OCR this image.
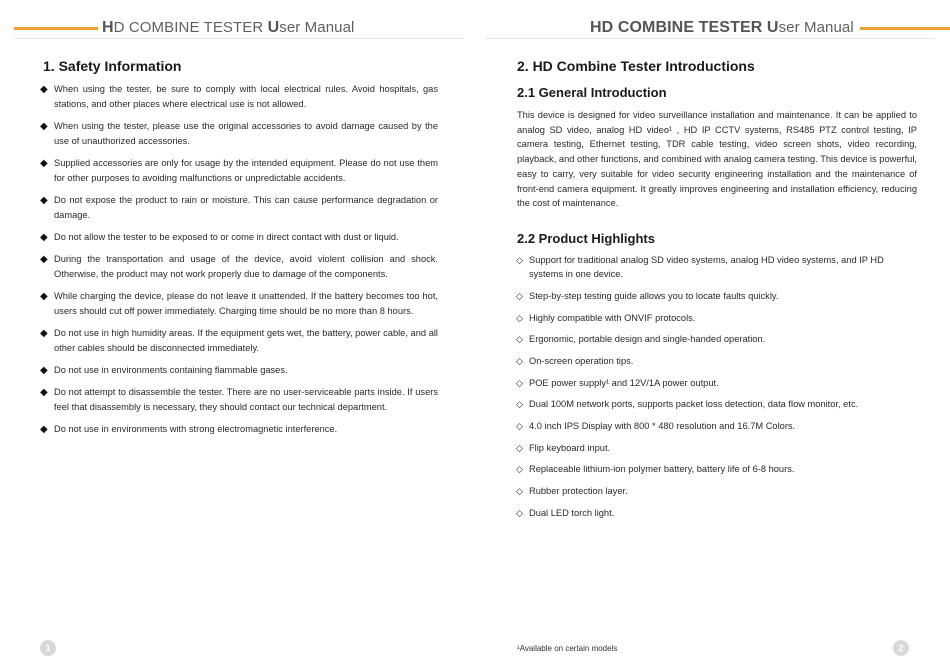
HD COMBINE TESTER User Manual
1. Safety Information
◆ When using the tester, be sure to comply with local electrical rules. Avoid hospitals, gas stations, and other places where electrical use is not allowed.
◆ When using the tester, please use the original accessories to avoid damage caused by the use of unauthorized accessories.
◆ Supplied accessories are only for usage by the intended equipment. Please do not use them for other purposes to avoiding malfunctions or unpredictable accidents.
◆ Do not expose the product to rain or moisture. This can cause performance degradation or damage.
◆ Do not allow the tester to be exposed to or come in direct contact with dust or liquid.
◆ During the transportation and usage of the device, avoid violent collision and shock. Otherwise, the product may not work properly due to damage of the components.
◆ While charging the device, please do not leave it unattended. If the battery becomes too hot, users should cut off power immediately. Charging time should be no more than 8 hours.
◆ Do not use in high humidity areas. If the equipment gets wet, the battery, power cable, and all other cables should be disconnected immediately.
◆ Do not use in environments containing flammable gases.
◆ Do not attempt to disassemble the tester. There are no user-serviceable parts inside. If users feel that disassembly is necessary, they should contact our technical department.
◆ Do not use in environments with strong electromagnetic interference.
1
HD COMBINE TESTER User Manual
2. HD Combine Tester Introductions
2.1 General Introduction

This device is designed for video surveillance installation and maintenance. It can be applied to analog SD video, analog HD video¹ , HD IP CCTV systems, RS485 PTZ control testing, IP camera testing, Ethernet testing, TDR cable testing, video screen shots, video recording, playback, and other functions, and combined with analog camera testing. This device is powerful, easy to carry, very suitable for video security engineering installation and the maintenance of front-end camera equipment. It greatly improves engineering and installation efficiency, reducing the cost of maintenance.

2.2 Product Highlights
◇ Support for traditional analog SD video systems, analog HD video systems, and IP HD systems in one device.
◇ Step-by-step testing guide allows you to locate faults quickly.
◇ Highly compatible with ONVIF protocols.
◇ Ergonomic, portable design and single-handed operation.
◇ On-screen operation tips.
◇ POE power supply¹ and 12V/1A power output.
◇ Dual 100M network ports, supports packet loss detection, data flow monitor, etc.
◇ 4.0 inch IPS Display with 800 * 480 resolution and 16.7M Colors.
◇ Flip keyboard input.
◇ Replaceable lithium-ion polymer battery, battery life of 6-8 hours.
◇ Rubber protection layer.
◇ Dual LED torch light.
¹Available on certain models	2
